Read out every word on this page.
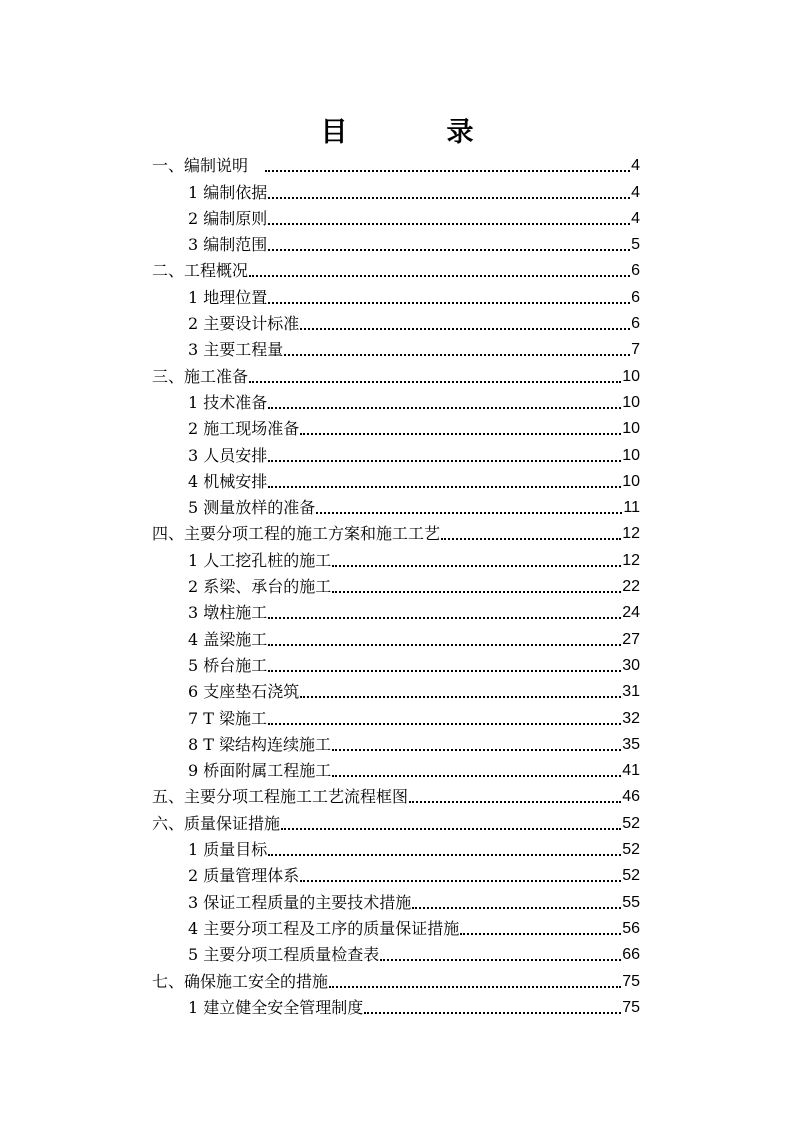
目　录
一、编制说明　	4
1 编制依据	4
2 编制原则	4
3 编制范围	5
二、工程概况	6
1 地理位置	6
2 主要设计标准	6
3 主要工程量	7
三、施工准备	10
1 技术准备	10
2 施工现场准备	10
3 人员安排	10
4 机械安排	10
5 测量放样的准备	11
四、主要分项工程的施工方案和施工工艺	12
1 人工挖孔桩的施工	12
2 系梁、承台的施工	22
3 墩柱施工	24
4 盖梁施工	27
5 桥台施工	30
6 支座垫石浇筑	31
7 T 梁施工	32
8 T 梁结构连续施工	35
9 桥面附属工程施工	41
五、主要分项工程施工工艺流程框图	46
六、质量保证措施	52
1 质量目标	52
2 质量管理体系	52
3 保证工程质量的主要技术措施	55
4 主要分项工程及工序的质量保证措施	56
5 主要分项工程质量检查表	66
七、确保施工安全的措施	75
1 建立健全安全管理制度	75
